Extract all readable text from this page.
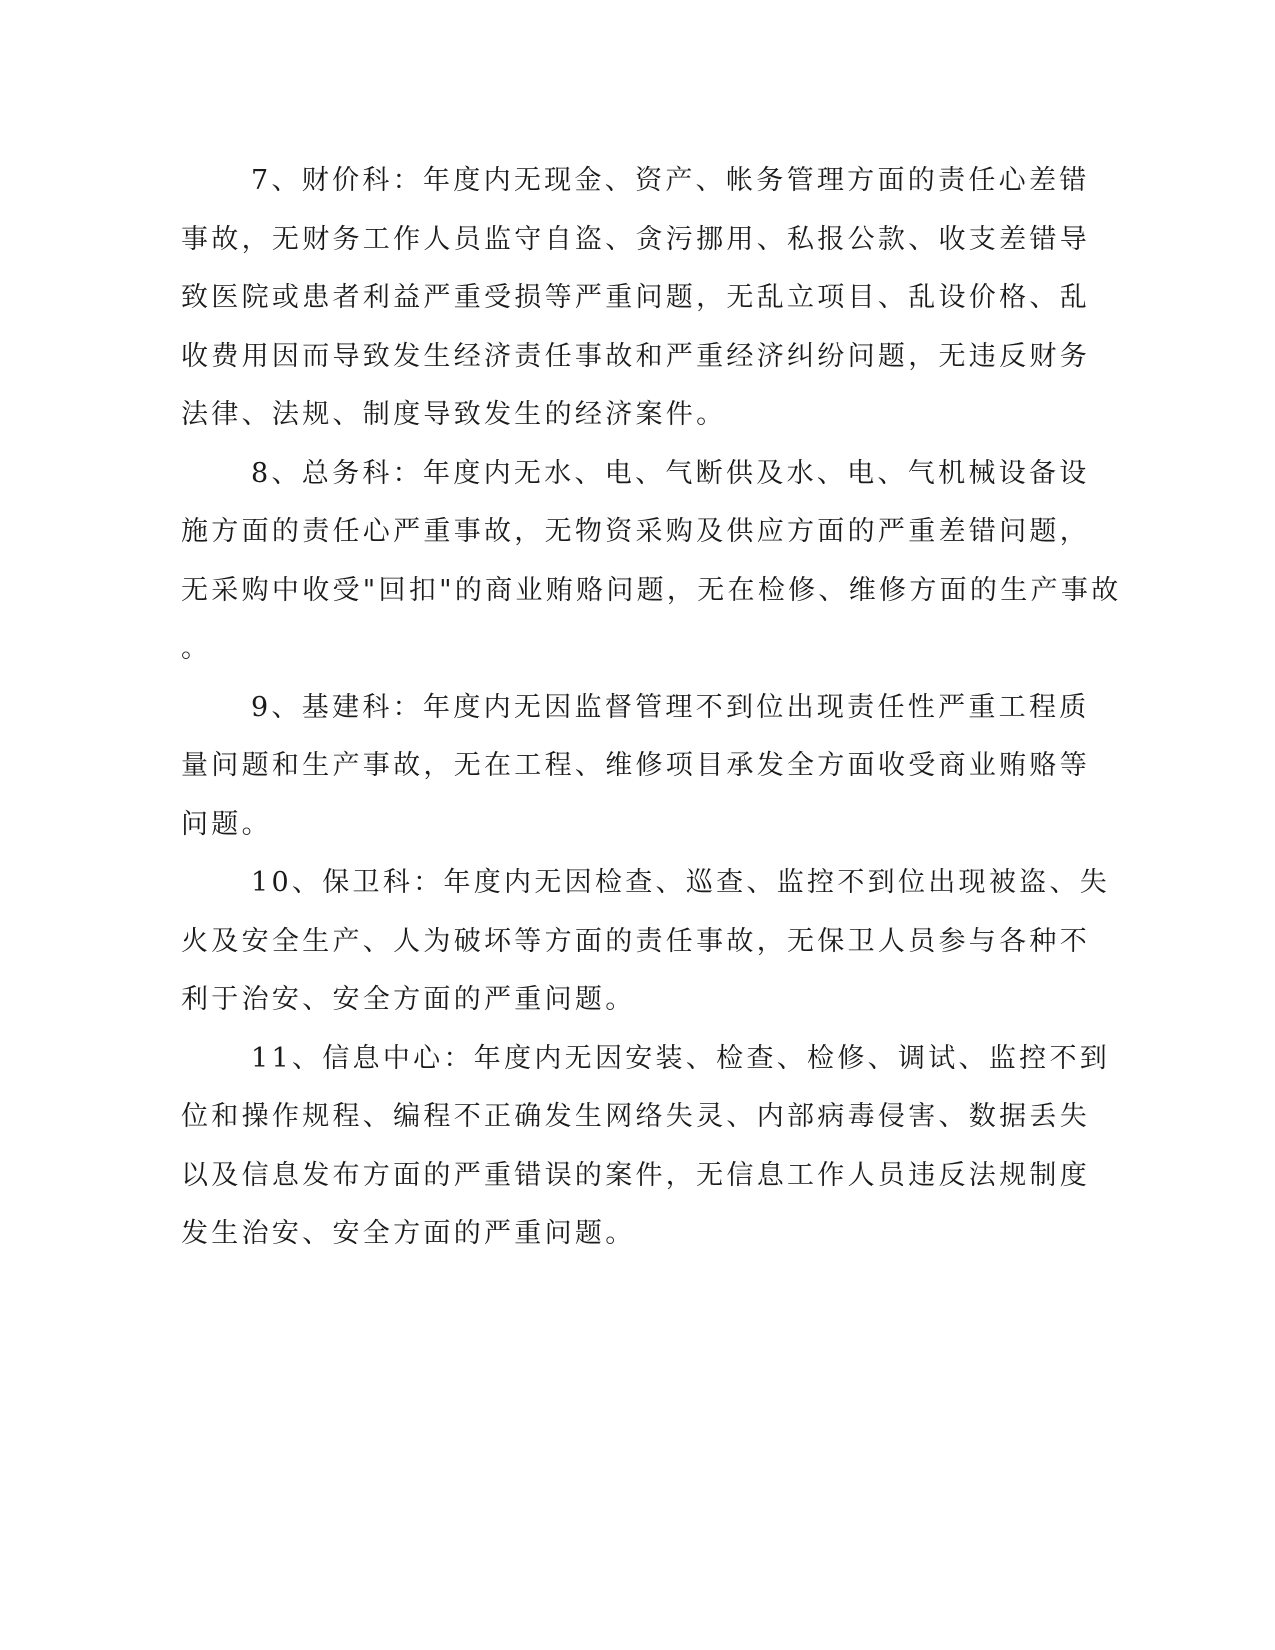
7、财价科：年度内无现金、资产、帐务管理方面的责任心差错
事故，无财务工作人员监守自盗、贪污挪用、私报公款、收支差错导
致医院或患者利益严重受损等严重问题，无乱立项目、乱设价格、乱
收费用因而导致发生经济责任事故和严重经济纠纷问题，无违反财务
法律、法规、制度导致发生的经济案件。
8、总务科：年度内无水、电、气断供及水、电、气机械设备设
施方面的责任心严重事故，无物资采购及供应方面的严重差错问题，
无采购中收受"回扣"的商业贿赂问题，无在检修、维修方面的生产事故
。
9、基建科：年度内无因监督管理不到位出现责任性严重工程质
量问题和生产事故，无在工程、维修项目承发全方面收受商业贿赂等
问题。
10、保卫科：年度内无因检查、巡查、监控不到位出现被盗、失
火及安全生产、人为破坏等方面的责任事故，无保卫人员参与各种不
利于治安、安全方面的严重问题。
11、信息中心：年度内无因安装、检查、检修、调试、监控不到
位和操作规程、编程不正确发生网络失灵、内部病毒侵害、数据丢失
以及信息发布方面的严重错误的案件，无信息工作人员违反法规制度
发生治安、安全方面的严重问题。
